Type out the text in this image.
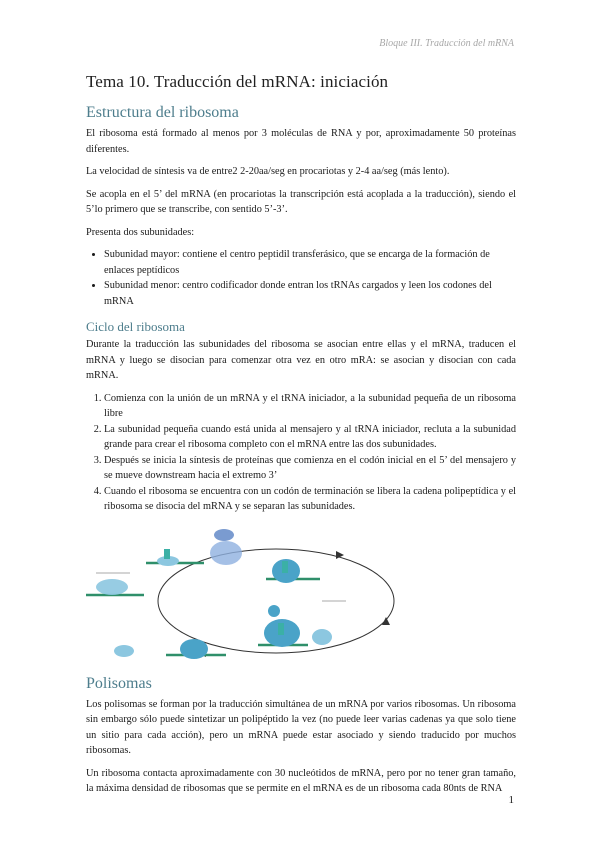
Bloque III. Traducción del mRNA
Tema 10. Traducción del mRNA: iniciación
Estructura del ribosoma

El ribosoma está formado al menos por 3 moléculas de RNA y por, aproximadamente 50 proteínas diferentes.

La velocidad de síntesis va de entre2 2-20aa/seg en procariotas y 2-4 aa/seg (más lento).

Se acopla en el 5’ del mRNA (en procariotas la transcripción está acoplada a la traducción), siendo el 5’lo primero que se transcribe, con sentido 5’-3’.

Presenta dos subunidades:

• Subunidad mayor: contiene el centro peptidil transferásico, que se encarga de la formación de enlaces peptídicos
• Subunidad menor: centro codificador donde entran los tRNAs cargados y leen los codones del mRNA
Ciclo del ribosoma

Durante la traducción las subunidades del ribosoma se asocian entre ellas y el mRNA, traducen el mRNA y luego se disocian para comenzar otra vez en otro mRA: se asocian y disocian con cada mRNA.

1. Comienza con la unión de un mRNA y el tRNA iniciador, a la subunidad pequeña de un ribosoma libre
2. La subunidad pequeña cuando está unida al mensajero y al tRNA iniciador, recluta a la subunidad grande para crear el ribosoma completo con el mRNA entre las dos subunidades.
3. Después se inicia la síntesis de proteínas que comienza en el codón inicial en el 5’ del mensajero y se mueve downstream hacia el extremo 3’
4. Cuando el ribosoma se encuentra con un codón de terminación se libera la cadena polipeptídica y el ribosoma se disocia del mRNA y se separan las subunidades.
Polisomas

Los polisomas se forman por la traducción simultánea de un mRNA por varios ribosomas. Un ribosoma sin embargo sólo puede sintetizar un polipéptido la vez (no puede leer varias cadenas ya que solo tiene un sitio para cada acción), pero un mRNA puede estar asociado y siendo traducido por muchos ribosomas.

Un ribosoma contacta aproximadamente con 30 nucleótidos de mRNA, pero por no tener gran tamaño, la máxima densidad de ribosomas que se permite en el mRNA es de un ribosoma cada 80nts de RNA

1
